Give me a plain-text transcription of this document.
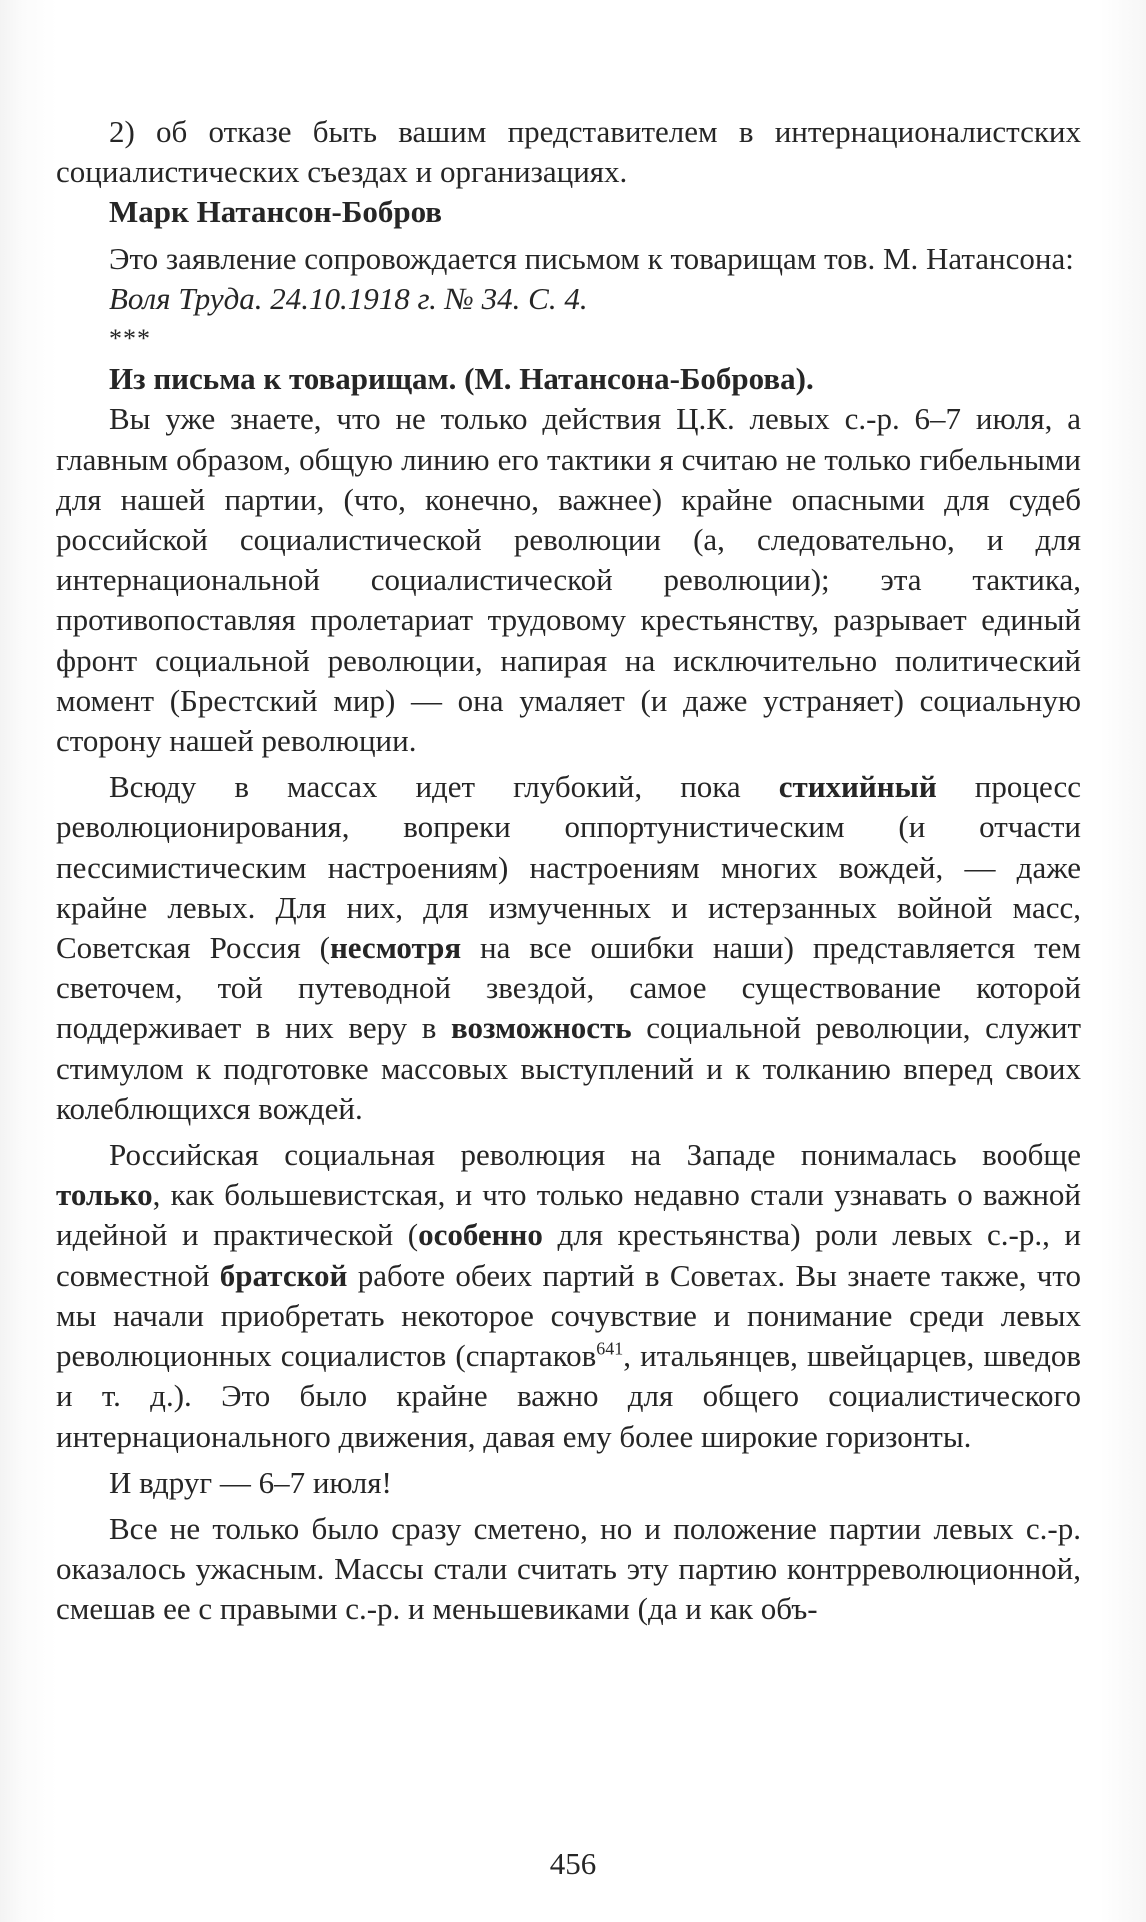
2) об отказе быть вашим представителем в интернационалистских социалистических съездах и организациях.

Марк Натансон-Бобров

Это заявление сопровождается письмом к товарищам тов. М. Натансона:

Воля Труда. 24.10.1918 г. № 34. С. 4.

***

Из письма к товарищам. (М. Натансона-Боброва).

Вы уже знаете, что не только действия Ц.К. левых с.-р. 6–7 июля, а главным образом, общую линию его тактики я считаю не только гибельными для нашей партии, (что, конечно, важнее) крайне опасными для судеб российской социалистической революции (а, следовательно, и для интернациональной социалистической революции); эта тактика, противопоставляя пролетариат трудовому крестьянству, разрывает единый фронт социальной революции, напирая на исключительно политический момент (Брестский мир) — она умаляет (и даже устраняет) социальную сторону нашей революции.

Всюду в массах идет глубокий, пока стихийный процесс революционирования, вопреки оппортунистическим (и отчасти пессимистическим настроениям) настроениям многих вождей, — даже крайне левых. Для них, для измученных и истерзанных войной масс, Советская Россия (несмотря на все ошибки наши) представляется тем светочем, той путеводной звездой, самое существование которой поддерживает в них веру в возможность социальной революции, служит стимулом к подготовке массовых выступлений и к толканию вперед своих колеблющихся вождей.

Российская социальная революция на Западе понималась вообще только, как большевистская, и что только недавно стали узнавать о важной идейной и практической (особенно для крестьянства) роли левых с.-р., и совместной братской работе обеих партий в Советах. Вы знаете также, что мы начали приобретать некоторое сочувствие и понимание среди левых революционных социалистов (спартаков$^{641}$, итальянцев, швейцарцев, шведов и т. д.). Это было крайне важно для общего социалистического интернационального движения, давая ему более широкие горизонты.

И вдруг — 6–7 июля!

Все не только было сразу сметено, но и положение партии левых с.-р. оказалось ужасным. Массы стали считать эту партию контрреволюционной, смешав ее с правыми с.-р. и меньшевиками (да и как объ-

456
